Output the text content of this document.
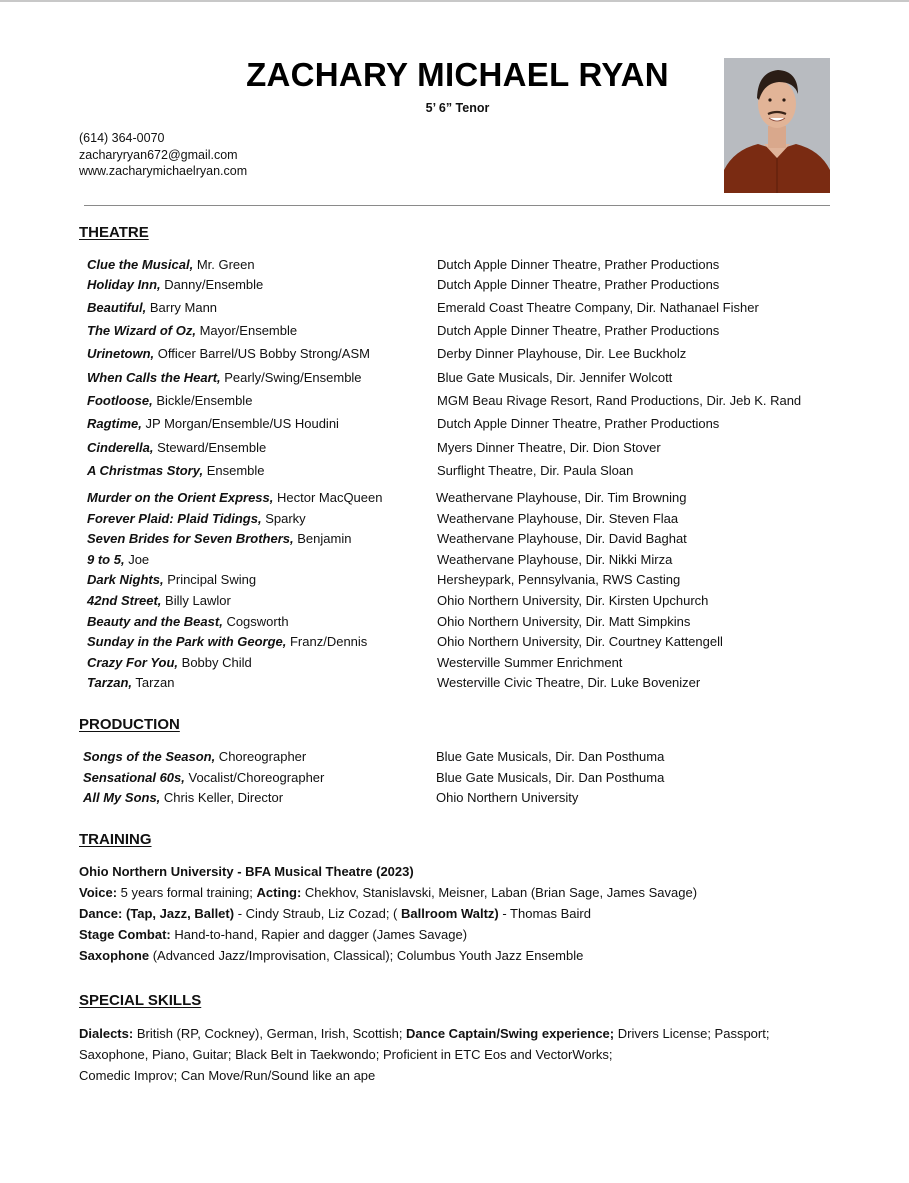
ZACHARY MICHAEL RYAN
5’ 6” Tenor
(614) 364-0070
zacharyryan672@gmail.com
www.zacharymichaelryan.com
THEATRE
Clue the Musical, Mr. Green	Dutch Apple Dinner Theatre, Prather Productions
Holiday Inn, Danny/Ensemble	Dutch Apple Dinner Theatre, Prather Productions
Beautiful, Barry Mann	Emerald Coast Theatre Company, Dir. Nathanael Fisher
The Wizard of Oz, Mayor/Ensemble	Dutch Apple Dinner Theatre, Prather Productions
Urinetown, Officer Barrel/US Bobby Strong/ASM	Derby Dinner Playhouse, Dir. Lee Buckholz
When Calls the Heart, Pearly/Swing/Ensemble	Blue Gate Musicals, Dir. Jennifer Wolcott
Footloose, Bickle/Ensemble	MGM Beau Rivage Resort, Rand Productions, Dir. Jeb K. Rand
Ragtime, JP Morgan/Ensemble/US Houdini	Dutch Apple Dinner Theatre, Prather Productions
Cinderella, Steward/Ensemble	Myers Dinner Theatre, Dir. Dion Stover
A Christmas Story, Ensemble	Surflight Theatre, Dir. Paula Sloan
Murder on the Orient Express, Hector MacQueen	Weathervane Playhouse, Dir. Tim Browning
Forever Plaid: Plaid Tidings, Sparky	Weathervane Playhouse, Dir. Steven Flaa
Seven Brides for Seven Brothers, Benjamin	Weathervane Playhouse, Dir. David Baghat
9 to 5, Joe	Weathervane Playhouse, Dir. Nikki Mirza
Dark Nights, Principal Swing	Hersheypark, Pennsylvania, RWS Casting
42nd Street, Billy Lawlor	Ohio Northern University, Dir. Kirsten Upchurch
Beauty and the Beast, Cogsworth	Ohio Northern University, Dir. Matt Simpkins
Sunday in the Park with George, Franz/Dennis	Ohio Northern University, Dir. Courtney Kattengell
Crazy For You, Bobby Child	Westerville Summer Enrichment
Tarzan, Tarzan	Westerville Civic Theatre, Dir. Luke Bovenizer
PRODUCTION
Songs of the Season, Choreographer	Blue Gate Musicals, Dir. Dan Posthuma
Sensational 60s, Vocalist/Choreographer	Blue Gate Musicals, Dir. Dan Posthuma
All My Sons, Chris Keller, Director	Ohio Northern University
TRAINING
Ohio Northern University - BFA Musical Theatre (2023)
Voice: 5 years formal training; Acting: Chekhov, Stanislavski, Meisner, Laban (Brian Sage, James Savage)
Dance: (Tap, Jazz, Ballet) - Cindy Straub, Liz Cozad; ( Ballroom Waltz) - Thomas Baird
Stage Combat: Hand-to-hand, Rapier and dagger (James Savage)
Saxophone (Advanced Jazz/Improvisation, Classical); Columbus Youth Jazz Ensemble
SPECIAL SKILLS
Dialects: British (RP, Cockney), German, Irish, Scottish; Dance Captain/Swing experience; Drivers License; Passport;
Saxophone, Piano, Guitar; Black Belt in Taekwondo; Proficient in ETC Eos and VectorWorks;
Comedic Improv; Can Move/Run/Sound like an ape
